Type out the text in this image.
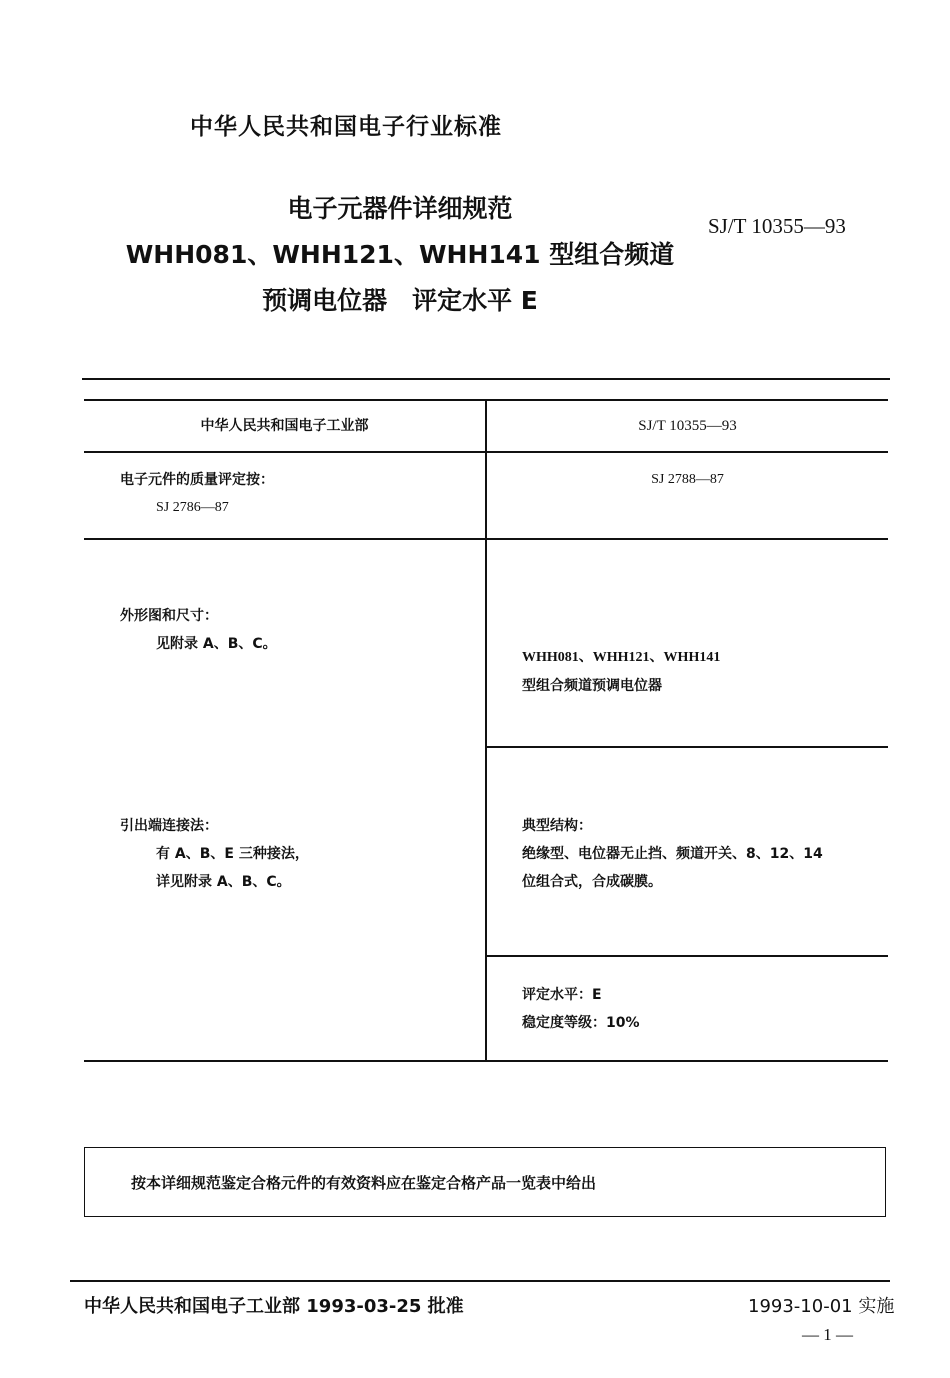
中华人民共和国电子行业标准
电子元器件详细规范
WHH081、WHH121、WHH141 型组合频道
预调电位器　评定水平 E
SJ/T 10355—93
中华人民共和国电子工业部	SJ/T 10355—93
电子元件的质量评定按：
SJ 2786—87
SJ 2788—87
外形图和尺寸：
见附录 A、B、C。
WHH081、WHH121、WHH141
型组合频道预调电位器
引出端连接法：
有 A、B、E 三种接法，
详见附录 A、B、C。
典型结构：
绝缘型、电位器无止挡、频道开关、8、12、14
位组合式，合成碳膜。
评定水平：E
稳定度等级：10%
按本详细规范鉴定合格元件的有效资料应在鉴定合格产品一览表中给出
中华人民共和国电子工业部 1993-03-25 批准	1993-10-01 实施
— 1 —
